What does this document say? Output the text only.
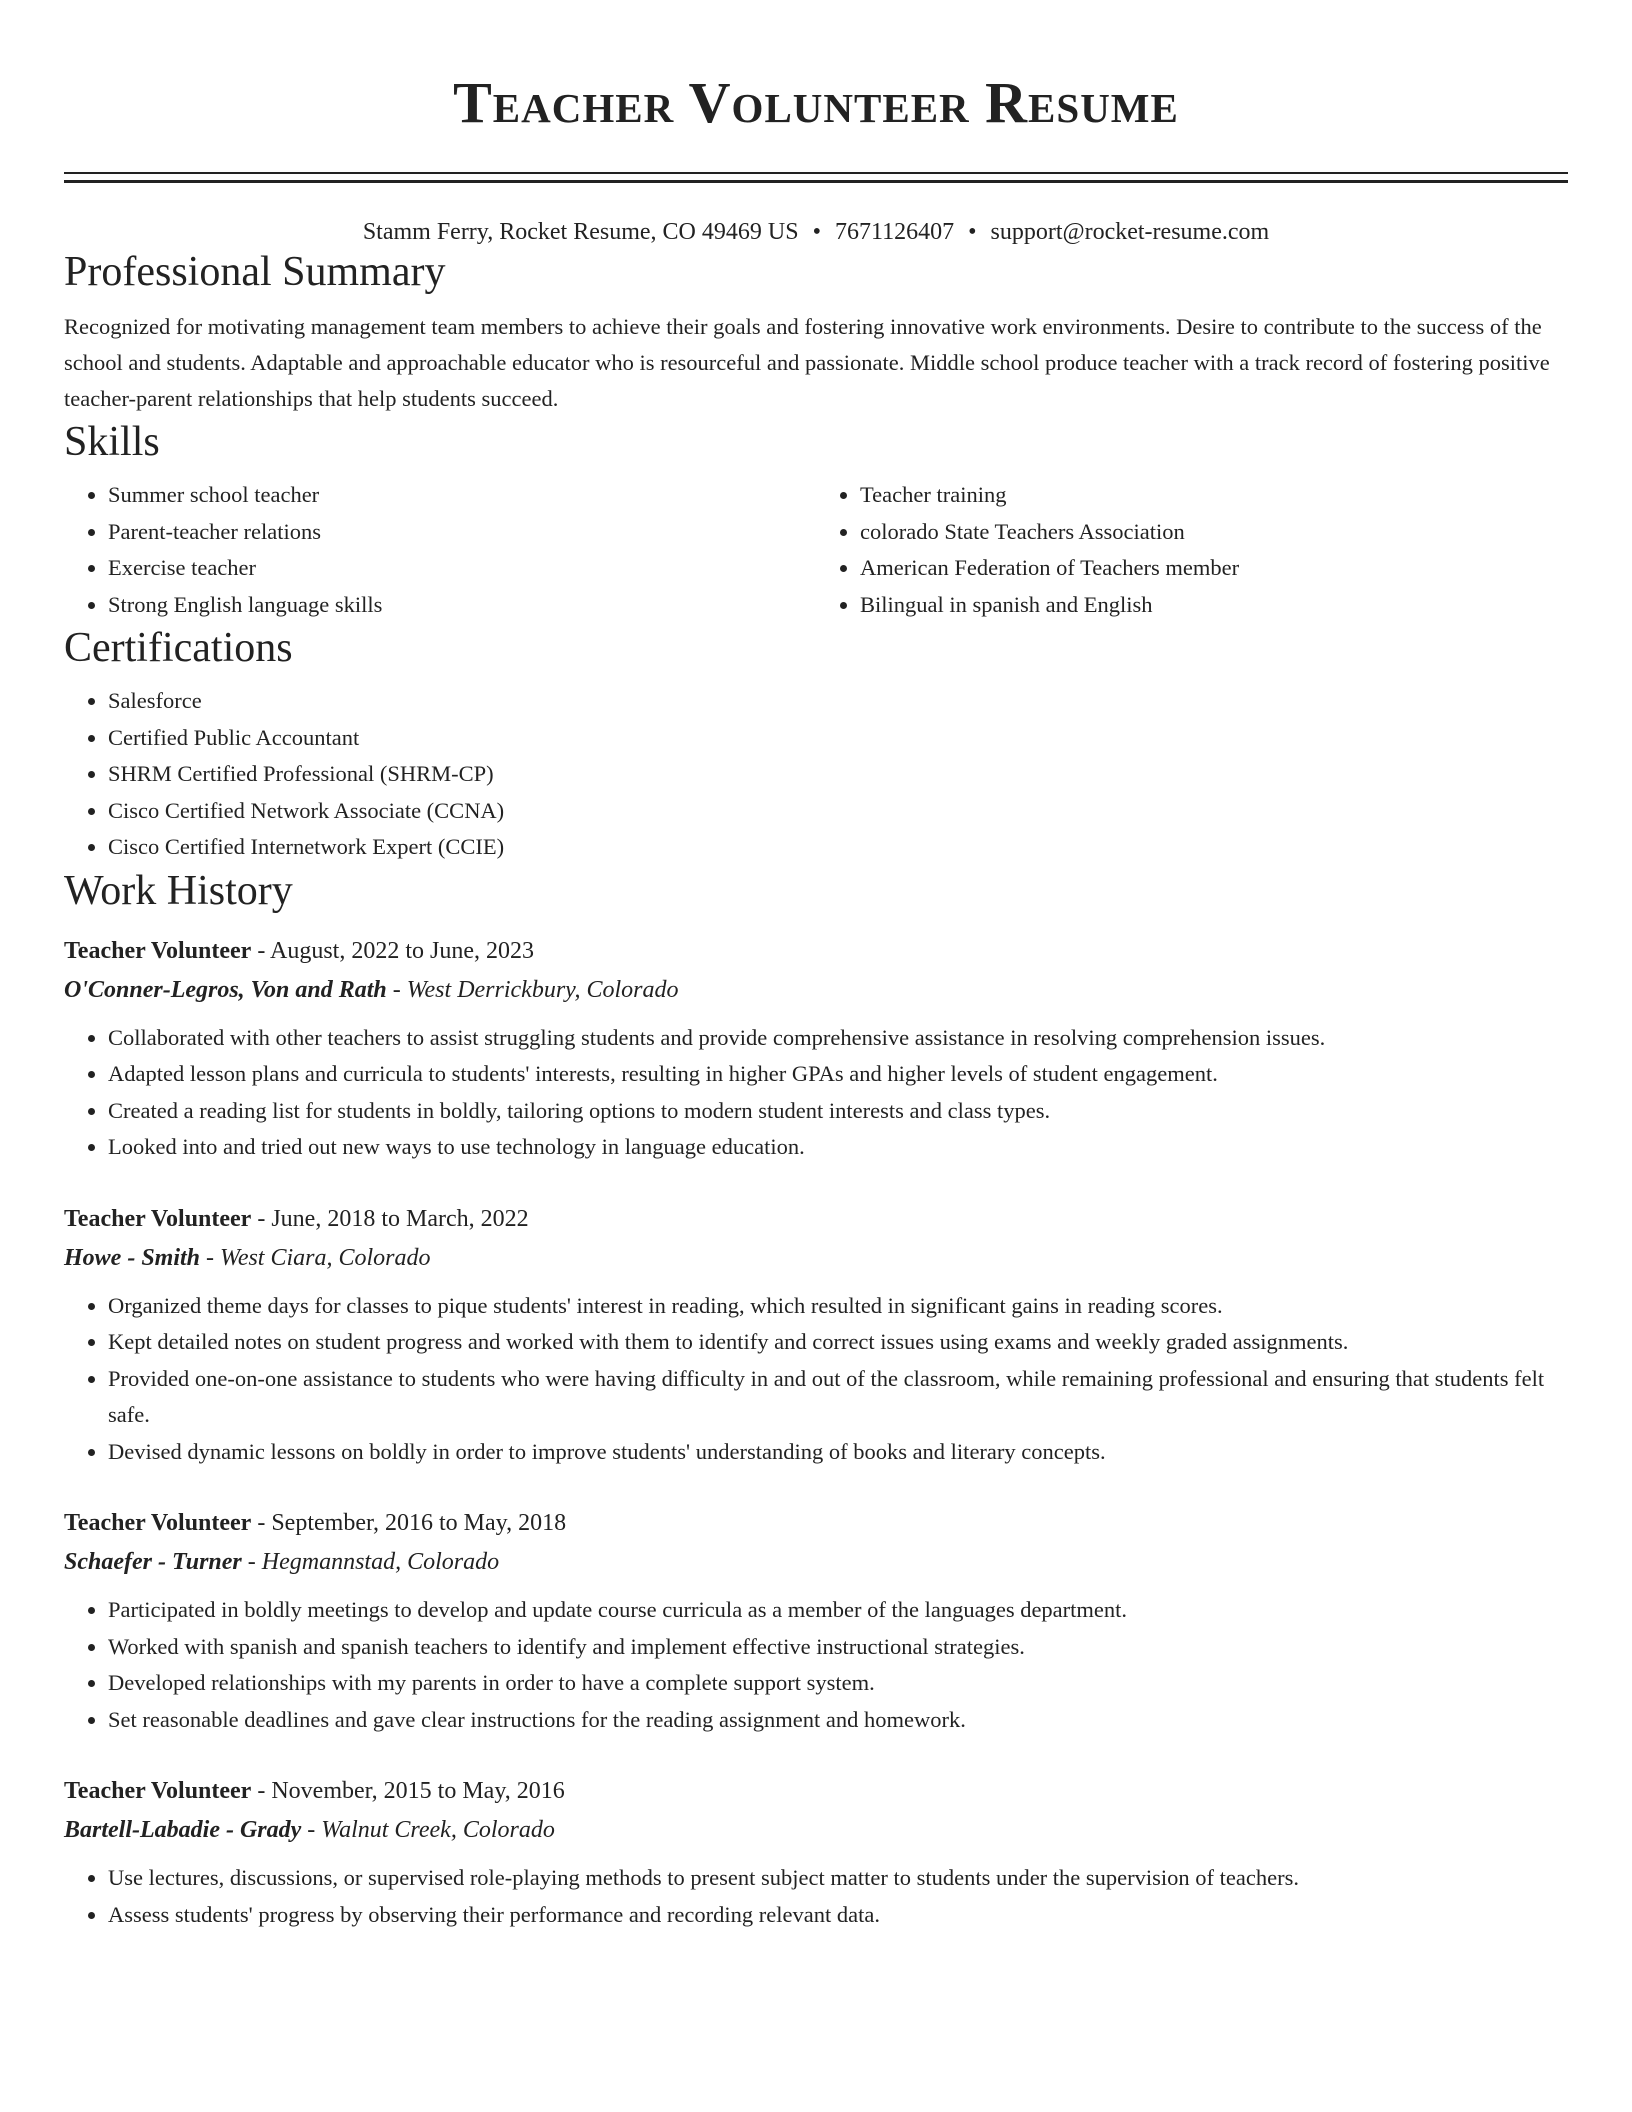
Teacher Volunteer Resume
Stamm Ferry, Rocket Resume, CO 49469 US • 7671126407 • support@rocket-resume.com
Professional Summary
Recognized for motivating management team members to achieve their goals and fostering innovative work environments. Desire to contribute to the success of the school and students. Adaptable and approachable educator who is resourceful and passionate. Middle school produce teacher with a track record of fostering positive teacher-parent relationships that help students succeed.
Skills
• Summer school teacher
• Parent-teacher relations
• Exercise teacher
• Strong English language skills
• Teacher training
• colorado State Teachers Association
• American Federation of Teachers member
• Bilingual in spanish and English
Certifications
• Salesforce
• Certified Public Accountant
• SHRM Certified Professional (SHRM-CP)
• Cisco Certified Network Associate (CCNA)
• Cisco Certified Internetwork Expert (CCIE)
Work History
Teacher Volunteer - August, 2022 to June, 2023
O'Conner-Legros, Von and Rath - West Derrickbury, Colorado
• Collaborated with other teachers to assist struggling students and provide comprehensive assistance in resolving comprehension issues.
• Adapted lesson plans and curricula to students' interests, resulting in higher GPAs and higher levels of student engagement.
• Created a reading list for students in boldly, tailoring options to modern student interests and class types.
• Looked into and tried out new ways to use technology in language education.
Teacher Volunteer - June, 2018 to March, 2022
Howe - Smith - West Ciara, Colorado
• Organized theme days for classes to pique students' interest in reading, which resulted in significant gains in reading scores.
• Kept detailed notes on student progress and worked with them to identify and correct issues using exams and weekly graded assignments.
• Provided one-on-one assistance to students who were having difficulty in and out of the classroom, while remaining professional and ensuring that students felt safe.
• Devised dynamic lessons on boldly in order to improve students' understanding of books and literary concepts.
Teacher Volunteer - September, 2016 to May, 2018
Schaefer - Turner - Hegmannstad, Colorado
• Participated in boldly meetings to develop and update course curricula as a member of the languages department.
• Worked with spanish and spanish teachers to identify and implement effective instructional strategies.
• Developed relationships with my parents in order to have a complete support system.
• Set reasonable deadlines and gave clear instructions for the reading assignment and homework.
Teacher Volunteer - November, 2015 to May, 2016
Bartell-Labadie - Grady - Walnut Creek, Colorado
• Use lectures, discussions, or supervised role-playing methods to present subject matter to students under the supervision of teachers.
• Assess students' progress by observing their performance and recording relevant data.
